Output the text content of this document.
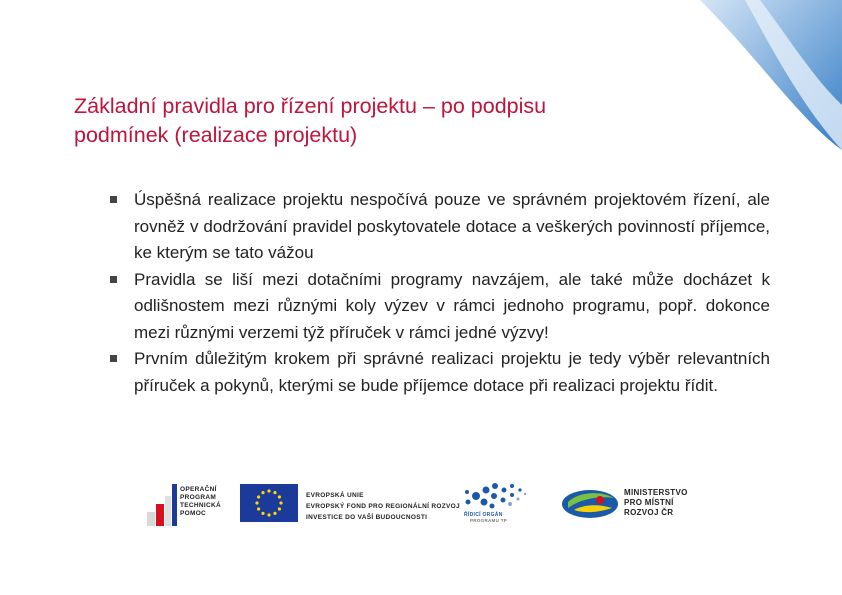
Základní pravidla pro řízení projektu – po podpisu
podmínek (realizace projektu)
Úspěšná realizace projektu nespočívá pouze ve správném projektovém řízení, ale rovněž v dodržování pravidel poskytovatele dotace a veškerých povinností příjemce, ke kterým se tato vážou
Pravidla se liší mezi dotačními programy navzájem, ale také může docházet k odlišnostem mezi různými koly výzev v rámci jednoho programu, popř. dokonce mezi různými verzemi týž příruček v rámci jedné výzvy!
Prvním důležitým krokem při správné realizaci projektu je tedy výběr relevantních příruček a pokynů, kterými se bude příjemce dotace při realizaci projektu řídit.
OPERAČNÍ
PROGRAM
TECHNICKÁ
POMOC
EVROPSKÁ UNIE
EVROPSKÝ FOND PRO REGIONÁLNÍ ROZVOJ
INVESTICE DO VAŠÍ BUDOUCNOSTI	ŘÍDICÍ ORGÁN
PROGRAMU TP
MINISTERSTVO
PRO MÍSTNÍ
ROZVOJ ČR
